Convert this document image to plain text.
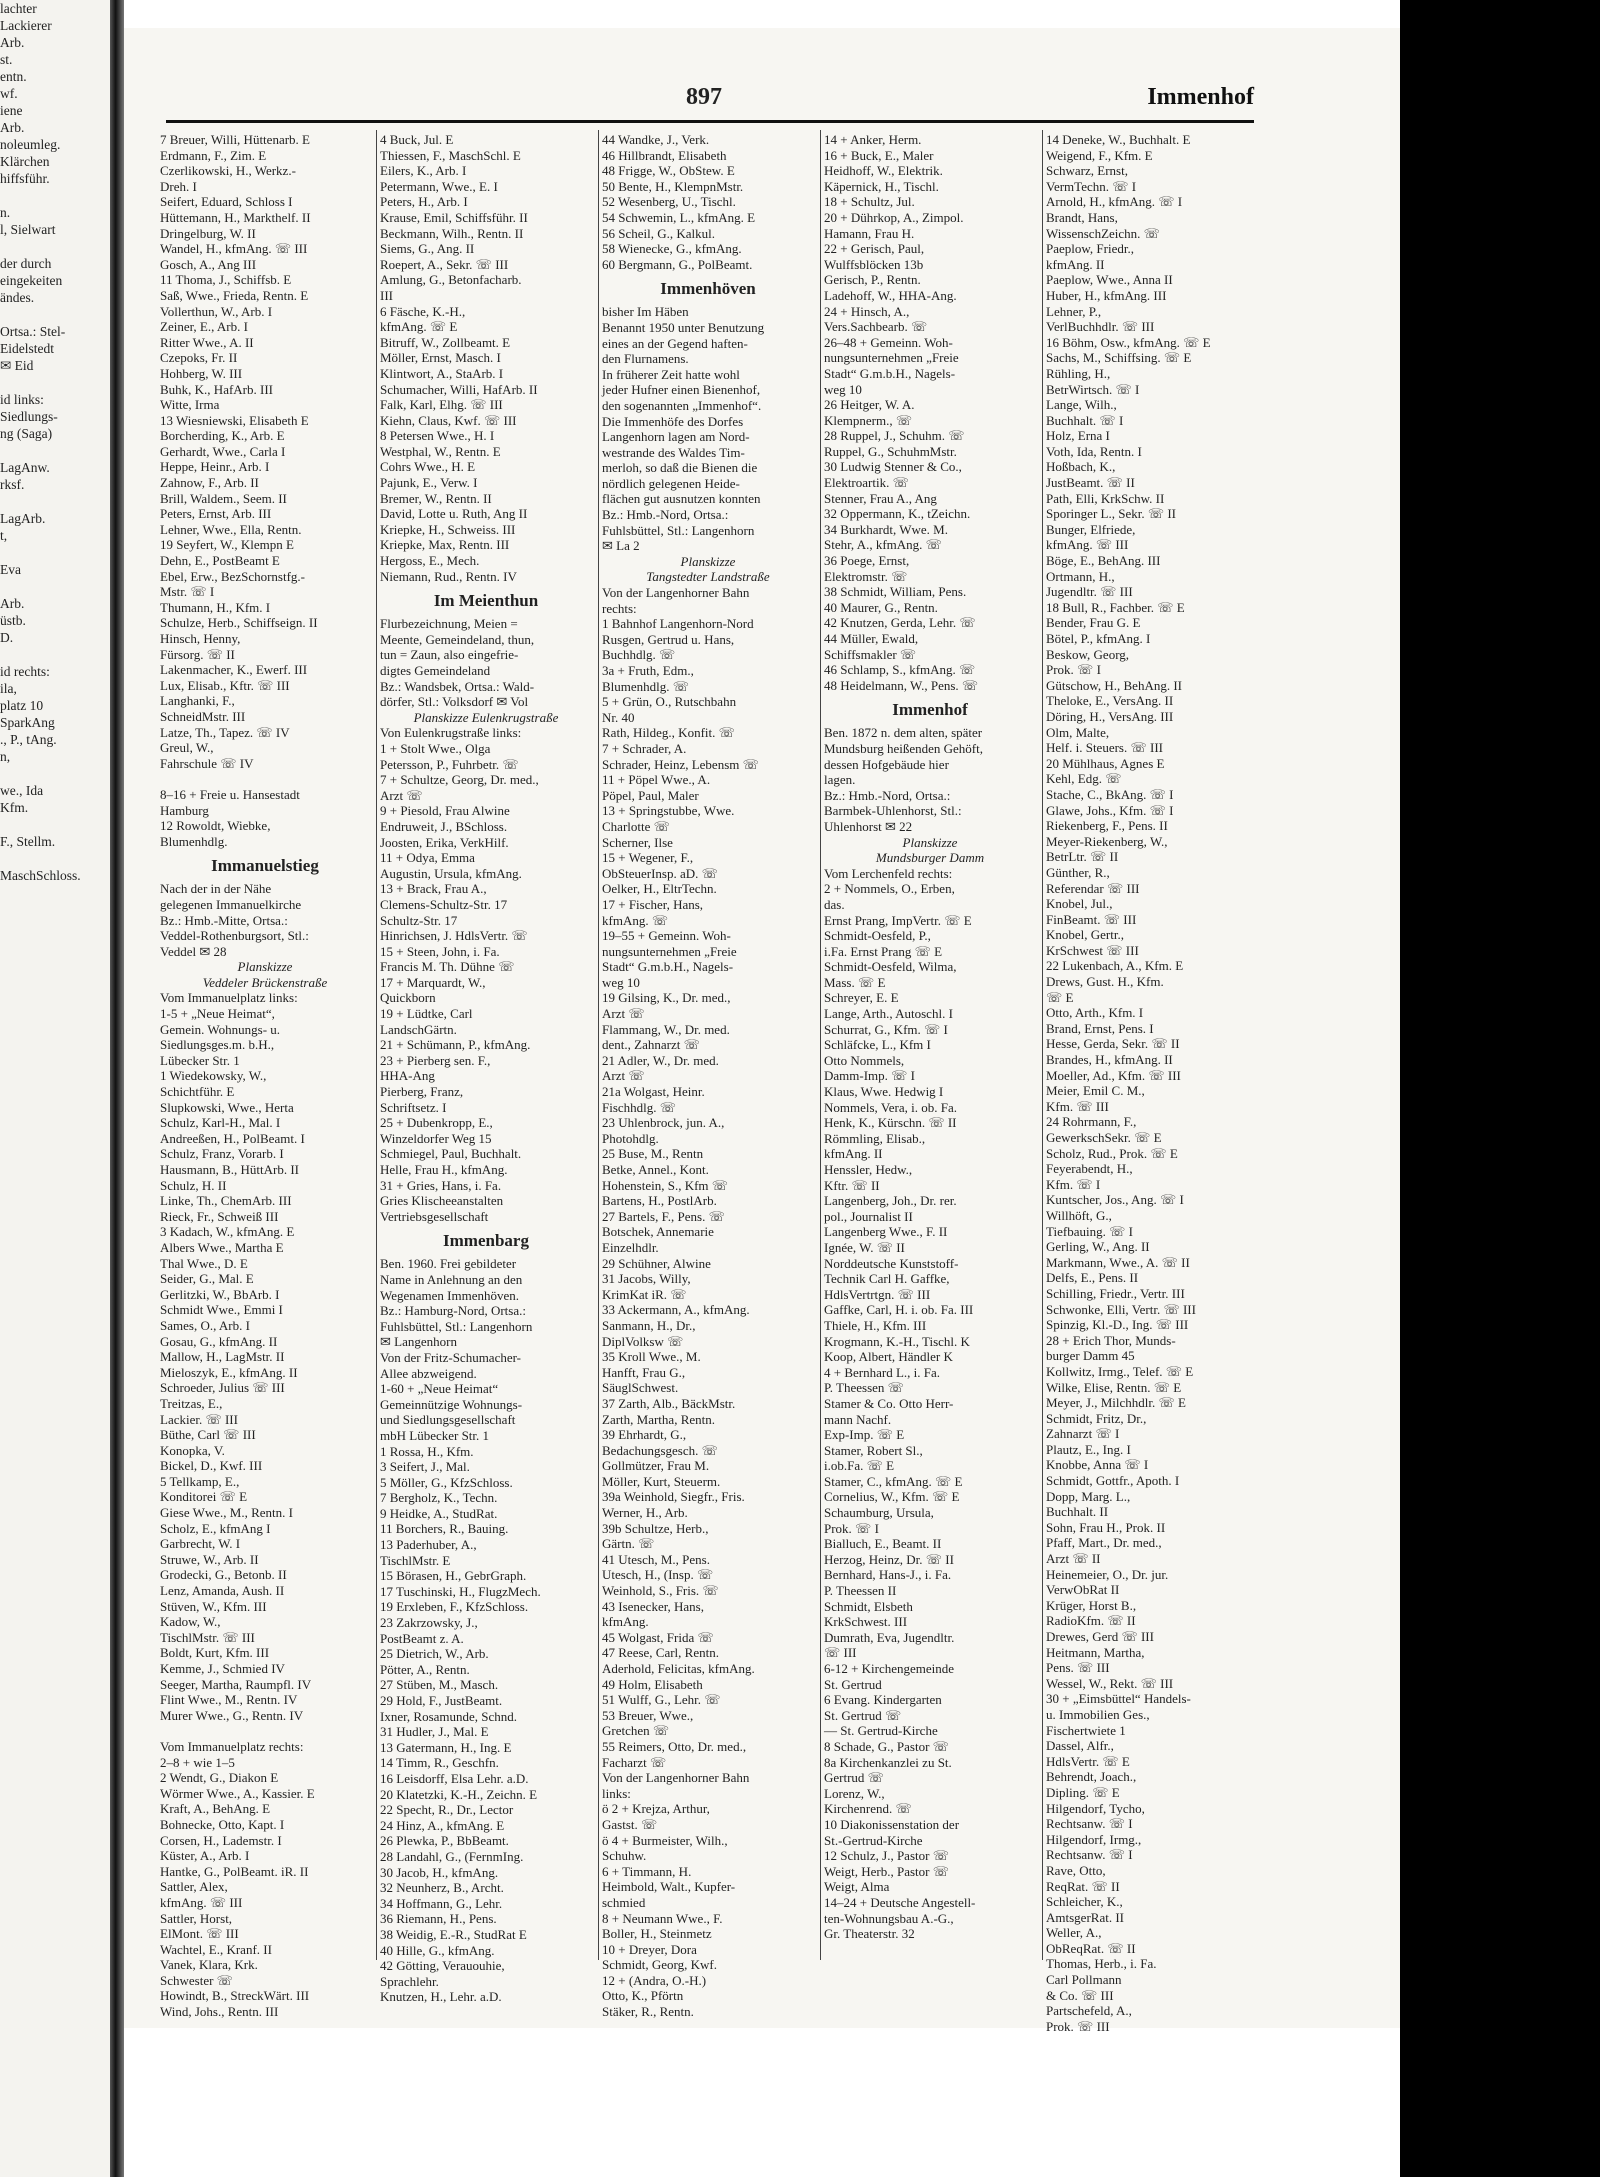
lachter
Lackierer
Arb.
st.
entn.
wf.
iene
Arb.
noleumleg.
Klärchen
hiffsführ.

n.
l, Sielwart

der durch
eingekeiten
ändes.

Ortsa.: Stel-
Eidelstedt
✉ Eid

id links:
Siedlungs-
ng (Saga)

LagAnw.
rksf.

LagArb.
t,

Eva

Arb.
üstb.
D.

id rechts:
ila,
platz 10
SparkAng
., P., tAng.
n,

we., Ida
Kfm.

F., Stellm.

MaschSchloss.
897	Immenhof
7 Breuer, Willi, Hüttenarb. E
Erdmann, F., Zim. E
Czerlikowski, H., Werkz.-
Dreh. I
Seifert, Eduard, Schloss I
Hüttemann, H., Markthelf. II
Dringelburg, W. II
Wandel, H., kfmAng. ☏ III
Gosch, A., Ang III
11 Thoma, J., Schiffsb. E
Saß, Wwe., Frieda, Rentn. E
Vollerthun, W., Arb. I
Zeiner, E., Arb. I
Ritter Wwe., A. II
Czepoks, Fr. II
Hohberg, W. III
Buhk, K., HafArb. III
Witte, Irma
13 Wiesniewski, Elisabeth E
Borcherding, K., Arb. E
Gerhardt, Wwe., Carla I
Heppe, Heinr., Arb. I
Zahnow, F., Arb. II
Brill, Waldem., Seem. II
Peters, Ernst, Arb. III
Lehner, Wwe., Ella, Rentn.
19 Seyfert, W., Klempn E
Dehn, E., PostBeamt E
Ebel, Erw., BezSchornstfg.-
Mstr. ☏ I
Thumann, H., Kfm. I
Schulze, Herb., Schiffseign. II
Hinsch, Henny,
Fürsorg. ☏ II
Lakenmacher, K., Ewerf. III
Lux, Elisab., Kftr. ☏ III
Langhanki, F.,
SchneidMstr. III
Latze, Th., Tapez. ☏ IV
Greul, W.,
Fahrschule ☏ IV

8–16 + Freie u. Hansestadt
Hamburg
12 Rowoldt, Wiebke,
Blumenhdlg.
Immanuelstieg
Nach der in der Nähe
gelegenen Immanuelkirche
Bz.: Hmb.-Mitte, Ortsa.:
Veddel-Rothenburgsort, Stl.:
Veddel ✉ 28
Planskizze
Veddeler Brückenstraße
Vom Immanuelplatz links:
1-5 + „Neue Heimat“,
Gemein. Wohnungs- u.
Siedlungsges.m. b.H.,
Lübecker Str. 1
1 Wiedekowsky, W.,
Schichtführ. E
Slupkowski, Wwe., Herta
Schulz, Karl-H., Mal. I
Andreeßen, H., PolBeamt. I
Schulz, Franz, Vorarb. I
Hausmann, B., HüttArb. II
Schulz, H. II
Linke, Th., ChemArb. III
Rieck, Fr., Schweiß III
3 Kadach, W., kfmAng. E
Albers Wwe., Martha E
Thal Wwe., D. E
Seider, G., Mal. E
Gerlitzki, W., BbArb. I
Schmidt Wwe., Emmi I
Sames, O., Arb. I
Gosau, G., kfmAng. II
Mallow, H., LagMstr. II
Mieloszyk, E., kfmAng. II
Schroeder, Julius ☏ III
Treitzas, E.,
Lackier. ☏ III
Büthe, Carl ☏ III
Konopka, V.
Bickel, D., Kwf. III
5 Tellkamp, E.,
Konditorei ☏ E
Giese Wwe., M., Rentn. I
Scholz, E., kfmAng I
Garbrecht, W. I
Struwe, W., Arb. II
Grodecki, G., Betonb. II
Lenz, Amanda, Aush. II
Stüven, W., Kfm. III
Kadow, W.,
TischlMstr. ☏ III
Boldt, Kurt, Kfm. III
Kemme, J., Schmied IV
Seeger, Martha, Raumpfl. IV
Flint Wwe., M., Rentn. IV
Murer Wwe., G., Rentn. IV

Vom Immanuelplatz rechts:
2–8 + wie 1–5
2 Wendt, G., Diakon E
Wörmer Wwe., A., Kassier. E
Kraft, A., BehAng. E
Bohnecke, Otto, Kapt. I
Corsen, H., Lademstr. I
Küster, A., Arb. I
Hantke, G., PolBeamt. iR. II
Sattler, Alex,
kfmAng. ☏ III
Sattler, Horst,
ElMont. ☏ III
Wachtel, E., Kranf. II
Vanek, Klara, Krk.
Schwester ☏
Howindt, B., StreckWärt. III
Wind, Johs., Rentn. III
4 Buck, Jul. E
Thiessen, F., MaschSchl. E
Eilers, K., Arb. I
Petermann, Wwe., E. I
Peters, H., Arb. I
Krause, Emil, Schiffsführ. II
Beckmann, Wilh., Rentn. II
Siems, G., Ang. II
Roepert, A., Sekr. ☏ III
Amlung, G., Betonfacharb.
III
6 Fäsche, K.-H.,
kfmAng. ☏ E
Bitruff, W., Zollbeamt. E
Möller, Ernst, Masch. I
Klintwort, A., StaArb. I
Schumacher, Willi, HafArb. II
Falk, Karl, Elhg. ☏ III
Kiehn, Claus, Kwf. ☏ III
8 Petersen Wwe., H. I
Westphal, W., Rentn. E
Cohrs Wwe., H. E
Pajunk, E., Verw. I
Bremer, W., Rentn. II
David, Lotte u. Ruth, Ang II
Kriepke, H., Schweiss. III
Kriepke, Max, Rentn. III
Hergoss, E., Mech.
Niemann, Rud., Rentn. IV
Im Meienthun
Flurbezeichnung, Meien =
Meente, Gemeindeland, thun,
tun = Zaun, also eingefrie-
digtes Gemeindeland
Bz.: Wandsbek, Ortsa.: Wald-
dörfer, Stl.: Volksdorf ✉ Vol
Planskizze Eulenkrugstraße
Von Eulenkrugstraße links:
1 + Stolt Wwe., Olga
Petersson, P., Fuhrbetr. ☏
7 + Schultze, Georg, Dr. med.,
Arzt ☏
9 + Piesold, Frau Alwine
Endruweit, J., BSchloss.
Joosten, Erika, VerkHilf.
11 + Odya, Emma
Augustin, Ursula, kfmAng.
13 + Brack, Frau A.,
Clemens-Schultz-Str. 17
Schultz-Str. 17
Hinrichsen, J. HdlsVertr. ☏
15 + Steen, John, i. Fa.
Francis M. Th. Dühne ☏
17 + Marquardt, W.,
Quickborn
19 + Lüdtke, Carl
LandschGärtn.
21 + Schümann, P., kfmAng.
23 + Pierberg sen. F.,
HHA-Ang
Pierberg, Franz,
Schriftsetz. I
25 + Dubenkropp, E.,
Winzeldorfer Weg 15
Schmiegel, Paul, Buchhalt.
Helle, Frau H., kfmAng.
31 + Gries, Hans, i. Fa.
Gries Klischeeanstalten
Vertriebsgesellschaft
Immenbarg
Ben. 1960. Frei gebildeter
Name in Anlehnung an den
Wegenamen Immenhöven.
Bz.: Hamburg-Nord, Ortsa.:
Fuhlsbüttel, Stl.: Langenhorn
✉ Langenhorn
Von der Fritz-Schumacher-
Allee abzweigend.
1-60 + „Neue Heimat“
Gemeinnützige Wohnungs-
und Siedlungsgesellschaft
mbH Lübecker Str. 1
1 Rossa, H., Kfm.
3 Seifert, J., Mal.
5 Möller, G., KfzSchloss.
7 Bergholz, K., Techn.
9 Heidke, A., StudRat.
11 Borchers, R., Bauing.
13 Paderhuber, A.,
TischlMstr. E
15 Börasen, H., GebrGraph.
17 Tuschinski, H., FlugzMech.
19 Erxleben, F., KfzSchloss.
23 Zakrzowsky, J.,
PostBeamt z. A.
25 Dietrich, W., Arb.
Pötter, A., Rentn.
27 Stüben, M., Masch.
29 Hold, F., JustBeamt.
Ixner, Rosamunde, Schnd.
31 Hudler, J., Mal. E
13 Gatermann, H., Ing. E
14 Timm, R., Geschfn.
16 Leisdorff, Elsa Lehr. a.D.
20 Klatetzki, K.-H., Zeichn. E
22 Specht, R., Dr., Lector
24 Hinz, A., kfmAng. E
26 Plewka, P., BbBeamt.
28 Landahl, G., (FernmIng.
30 Jacob, H., kfmAng.
32 Neunherz, B., Archt.
34 Hoffmann, G., Lehr.
36 Riemann, H., Pens.
38 Weidig, E.-R., StudRat E
40 Hille, G., kfmAng.
42 Götting, Verauouhie,
Sprachlehr.
Knutzen, H., Lehr. a.D.
44 Wandke, J., Verk.
46 Hillbrandt, Elisabeth
48 Frigge, W., ObStew. E
50 Bente, H., KlempnMstr.
52 Wesenberg, U., Tischl.
54 Schwemin, L., kfmAng. E
56 Scheil, G., Kalkul.
58 Wienecke, G., kfmAng.
60 Bergmann, G., PolBeamt.
Immenhöven
bisher Im Häben
Benannt 1950 unter Benutzung
eines an der Gegend haften-
den Flurnamens.
In früherer Zeit hatte wohl
jeder Hufner einen Bienenhof,
den sogenannten „Immenhof“.
Die Immenhöfe des Dorfes
Langenhorn lagen am Nord-
westrande des Waldes Tim-
merloh, so daß die Bienen die
nördlich gelegenen Heide-
flächen gut ausnutzen konnten
Bz.: Hmb.-Nord, Ortsa.:
Fuhlsbüttel, Stl.: Langenhorn
✉ La 2
Planskizze
Tangstedter Landstraße
Von der Langenhorner Bahn
rechts:
1 Bahnhof Langenhorn-Nord
Rusgen, Gertrud u. Hans,
Buchhdlg. ☏
3a + Fruth, Edm.,
Blumenhdlg. ☏
5 + Grün, O., Rutschbahn
Nr. 40
Rath, Hildeg., Konfit. ☏
7 + Schrader, A.
Schrader, Heinz, Lebensm ☏
11 + Pöpel Wwe., A.
Pöpel, Paul, Maler
13 + Springstubbe, Wwe.
Charlotte ☏
Scherner, Ilse
15 + Wegener, F.,
ObSteuerInsp. aD. ☏
Oelker, H., EltrTechn.
17 + Fischer, Hans,
kfmAng. ☏
19–55 + Gemeinn. Woh-
nungsunternehmen „Freie
Stadt“ G.m.b.H., Nagels-
weg 10
19 Gilsing, K., Dr. med.,
Arzt ☏
Flammang, W., Dr. med.
dent., Zahnarzt ☏
21 Adler, W., Dr. med.
Arzt ☏
21a Wolgast, Heinr.
Fischhdlg. ☏
23 Uhlenbrock, jun. A.,
Photohdlg.
25 Buse, M., Rentn
Betke, Annel., Kont.
Hohenstein, S., Kfm ☏
Bartens, H., PostlArb.
27 Bartels, F., Pens. ☏
Botschek, Annemarie
Einzelhdlr.
29 Schühner, Alwine
31 Jacobs, Willy,
KrimKat iR. ☏
33 Ackermann, A., kfmAng.
Sanmann, H., Dr.,
DiplVolksw ☏
35 Kroll Wwe., M.
Hanfft, Frau G.,
SäuglSchwest.
37 Zarth, Alb., BäckMstr.
Zarth, Martha, Rentn.
39 Ehrhardt, G.,
Bedachungsgesch. ☏
Gollmützer, Frau M.
Möller, Kurt, Steuerm.
39a Weinhold, Siegfr., Fris.
Werner, H., Arb.
39b Schultze, Herb.,
Gärtn. ☏
41 Utesch, M., Pens.
Utesch, H., (Insp. ☏
Weinhold, S., Fris. ☏
43 Isenecker, Hans,
kfmAng.
45 Wolgast, Frida ☏
47 Reese, Carl, Rentn.
Aderhold, Felicitas, kfmAng.
49 Holm, Elisabeth
51 Wulff, G., Lehr. ☏
53 Breuer, Wwe.,
Gretchen ☏
55 Reimers, Otto, Dr. med.,
Facharzt ☏
Von der Langenhorner Bahn
links:
ö 2 + Krejza, Arthur,
Gastst. ☏
ö 4 + Burmeister, Wilh.,
Schuhw.
6 + Timmann, H.
Heimbold, Walt., Kupfer-
schmied
8 + Neumann Wwe., F.
Boller, H., Steinmetz
10 + Dreyer, Dora
Schmidt, Georg, Kwf.
12 + (Andra, O.-H.)
Otto, K., Pförtn
Stäker, R., Rentn.
14 + Anker, Herm.
16 + Buck, E., Maler
Heidhoff, W., Elektrik.
Käpernick, H., Tischl.
18 + Schultz, Jul.
20 + Dührkop, A., Zimpol.
Hamann, Frau H.
22 + Gerisch, Paul,
Wulffsblöcken 13b
Gerisch, P., Rentn.
Ladehoff, W., HHA-Ang.
24 + Hinsch, A.,
Vers.Sachbearb. ☏
26–48 + Gemeinn. Woh-
nungsunternehmen „Freie
Stadt“ G.m.b.H., Nagels-
weg 10
26 Heitger, W. A.
Klempnerm., ☏
28 Ruppel, J., Schuhm. ☏
Ruppel, G., SchuhmMstr.
30 Ludwig Stenner & Co.,
Elektroartik. ☏
Stenner, Frau A., Ang
32 Oppermann, K., tZeichn.
34 Burkhardt, Wwe. M.
Stehr, A., kfmAng. ☏
36 Poege, Ernst,
Elektromstr. ☏
38 Schmidt, William, Pens.
40 Maurer, G., Rentn.
42 Knutzen, Gerda, Lehr. ☏
44 Müller, Ewald,
Schiffsmakler ☏
46 Schlamp, S., kfmAng. ☏
48 Heidelmann, W., Pens. ☏
Immenhof
Ben. 1872 n. dem alten, später
Mundsburg heißenden Gehöft,
dessen Hofgebäude hier
lagen.
Bz.: Hmb.-Nord, Ortsa.:
Barmbek-Uhlenhorst, Stl.:
Uhlenhorst ✉ 22
Planskizze
Mundsburger Damm
Vom Lerchenfeld rechts:
2 + Nommels, O., Erben,
das.
Ernst Prang, ImpVertr. ☏ E
Schmidt-Oesfeld, P.,
i.Fa. Ernst Prang ☏ E
Schmidt-Oesfeld, Wilma,
Mass. ☏ E
Schreyer, E. E
Lange, Arth., Autoschl. I
Schurrat, G., Kfm. ☏ I
Schläfcke, L., Kfm I
Otto Nommels,
Damm-Imp. ☏ I
Klaus, Wwe. Hedwig I
Nommels, Vera, i. ob. Fa.
Henk, K., Kürschn. ☏ II
Römmling, Elisab.,
kfmAng. II
Henssler, Hedw.,
Kftr. ☏ II
Langenberg, Joh., Dr. rer.
pol., Journalist II
Langenberg Wwe., F. II
Ignée, W. ☏ II
Norddeutsche Kunststoff-
Technik Carl H. Gaffke,
HdlsVertrtgn. ☏ III
Gaffke, Carl, H. i. ob. Fa. III
Thiele, H., Kfm. III
Krogmann, K.-H., Tischl. K
Koop, Albert, Händler K
4 + Bernhard L., i. Fa.
P. Theessen ☏
Stamer & Co. Otto Herr-
mann Nachf.
Exp-Imp. ☏ E
Stamer, Robert Sl.,
i.ob.Fa. ☏ E
Stamer, C., kfmAng. ☏ E
Cornelius, W., Kfm. ☏ E
Schaumburg, Ursula,
Prok. ☏ I
Bialluch, E., Beamt. II
Herzog, Heinz, Dr. ☏ II
Bernhard, Hans-J., i. Fa.
P. Theessen II
Schmidt, Elsbeth
KrkSchwest. III
Dumrath, Eva, Jugendltr.
☏ III
6-12 + Kirchengemeinde
St. Gertrud
6 Evang. Kindergarten
St. Gertrud ☏
— St. Gertrud-Kirche
8 Schade, G., Pastor ☏
8a Kirchenkanzlei zu St.
Gertrud ☏
Lorenz, W.,
Kirchenrend. ☏
10 Diakonissenstation der
St.-Gertrud-Kirche
12 Schulz, J., Pastor ☏
Weigt, Herb., Pastor ☏
Weigt, Alma
14–24 + Deutsche Angestell-
ten-Wohnungsbau A.-G.,
Gr. Theaterstr. 32
14 Deneke, W., Buchhalt. E
Weigend, F., Kfm. E
Schwarz, Ernst,
VermTechn. ☏ I
Arnold, H., kfmAng. ☏ I
Brandt, Hans,
WissenschZeichn. ☏
Paeplow, Friedr.,
kfmAng. II
Paeplow, Wwe., Anna II
Huber, H., kfmAng. III
Lehner, P.,
VerlBuchhdlr. ☏ III
16 Böhm, Osw., kfmAng. ☏ E
Sachs, M., Schiffsing. ☏ E
Rühling, H.,
BetrWirtsch. ☏ I
Lange, Wilh.,
Buchhalt. ☏ I
Holz, Erna I
Voth, Ida, Rentn. I
Hoßbach, K.,
JustBeamt. ☏ II
Path, Elli, KrkSchw. II
Sporinger L., Sekr. ☏ II
Bunger, Elfriede,
kfmAng. ☏ III
Böge, E., BehAng. III
Ortmann, H.,
Jugendltr. ☏ III
18 Bull, R., Fachber. ☏ E
Bender, Frau G. E
Bötel, P., kfmAng. I
Beskow, Georg,
Prok. ☏ I
Gütschow, H., BehAng. II
Theloke, E., VersAng. II
Döring, H., VersAng. III
Olm, Malte,
Helf. i. Steuers. ☏ III
20 Mühlhaus, Agnes E
Kehl, Edg. ☏
Stache, C., BkAng. ☏ I
Glawe, Johs., Kfm. ☏ I
Riekenberg, F., Pens. II
Meyer-Riekenberg, W.,
BetrLtr. ☏ II
Günther, R.,
Referendar ☏ III
Knobel, Jul.,
FinBeamt. ☏ III
Knobel, Gertr.,
KrSchwest ☏ III
22 Lukenbach, A., Kfm. E
Drews, Gust. H., Kfm.
☏ E
Otto, Arth., Kfm. I
Brand, Ernst, Pens. I
Hesse, Gerda, Sekr. ☏ II
Brandes, H., kfmAng. II
Moeller, Ad., Kfm. ☏ III
Meier, Emil C. M.,
Kfm. ☏ III
24 Rohrmann, F.,
GewerkschSekr. ☏ E
Scholz, Rud., Prok. ☏ E
Feyerabendt, H.,
Kfm. ☏ I
Kuntscher, Jos., Ang. ☏ I
Willhöft, G.,
Tiefbauing. ☏ I
Gerling, W., Ang. II
Markmann, Wwe., A. ☏ II
Delfs, E., Pens. II
Schilling, Friedr., Vertr. III
Schwonke, Elli, Vertr. ☏ III
Spinzig, Kl.-D., Ing. ☏ III
28 + Erich Thor, Munds-
burger Damm 45
Kollwitz, Irmg., Telef. ☏ E
Wilke, Elise, Rentn. ☏ E
Meyer, J., Milchhdlr. ☏ E
Schmidt, Fritz, Dr.,
Zahnarzt ☏ I
Plautz, E., Ing. I
Knobbe, Anna ☏ I
Schmidt, Gottfr., Apoth. I
Dopp, Marg. L.,
Buchhalt. II
Sohn, Frau H., Prok. II
Pfaff, Mart., Dr. med.,
Arzt ☏ II
Heinemeier, O., Dr. jur.
VerwObRat II
Krüger, Horst B.,
RadioKfm. ☏ II
Drewes, Gerd ☏ III
Heitmann, Martha,
Pens. ☏ III
Wessel, W., Rekt. ☏ III
30 + „Eimsbüttel“ Handels-
u. Immobilien Ges.,
Fischertwiete 1
Dassel, Alfr.,
HdlsVertr. ☏ E
Behrendt, Joach.,
Dipling. ☏ E
Hilgendorf, Tycho,
Rechtsanw. ☏ I
Hilgendorf, Irmg.,
Rechtsanw. ☏ I
Rave, Otto,
ReqRat. ☏ II
Schleicher, K.,
AmtsgerRat. II
Weller, A.,
ObReqRat. ☏ II
Thomas, Herb., i. Fa.
Carl Pollmann
& Co. ☏ III
Partschefeld, A.,
Prok. ☏ III
